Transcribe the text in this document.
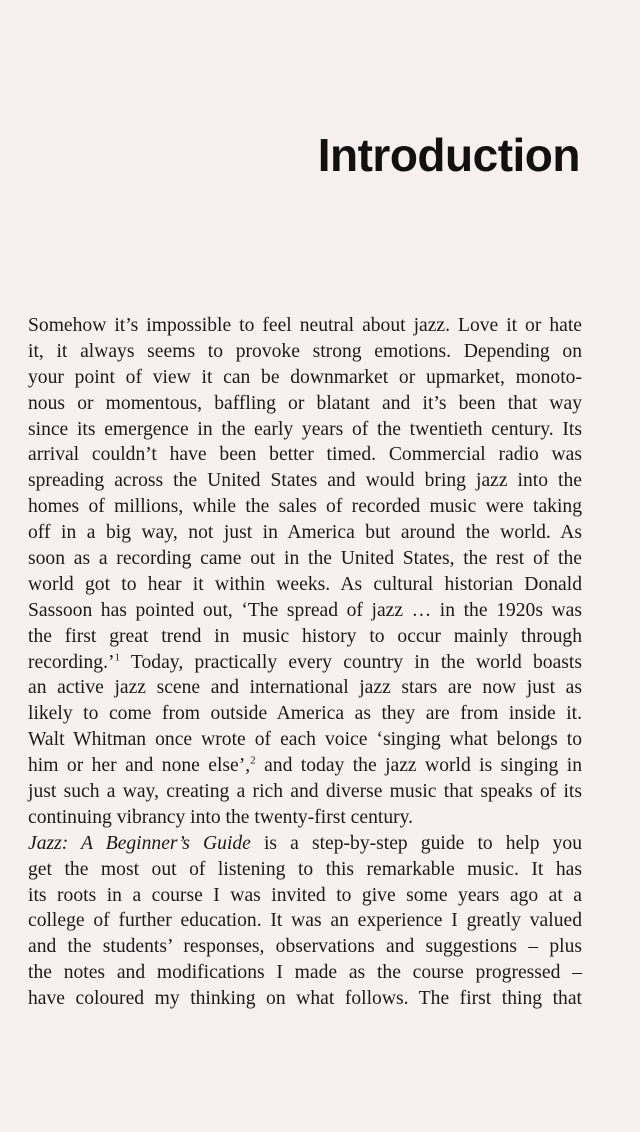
Introduction
Somehow it’s impossible to feel neutral about jazz. Love it or hate
it, it always seems to provoke strong emotions. Depending on
your point of view it can be downmarket or upmarket, monoto-
nous or momentous, baffling or blatant and it’s been that way
since its emergence in the early years of the twentieth century. Its
arrival couldn’t have been better timed. Commercial radio was
spreading across the United States and would bring jazz into the
homes of millions, while the sales of recorded music were taking
off in a big way, not just in America but around the world. As
soon as a recording came out in the United States, the rest of the
world got to hear it within weeks. As cultural historian Donald
Sassoon has pointed out, ‘The spread of jazz … in the 1920s was
the first great trend in music history to occur mainly through
recording.’$^1$ Today, practically every country in the world boasts
an active jazz scene and international jazz stars are now just as
likely to come from outside America as they are from inside it.
Walt Whitman once wrote of each voice ‘singing what belongs to
him or her and none else’,$^2$ and today the jazz world is singing in
just such a way, creating a rich and diverse music that speaks of its
continuing vibrancy into the twenty-first century.
Jazz: A Beginner’s Guide is a step-by-step guide to help you
get the most out of listening to this remarkable music. It has
its roots in a course I was invited to give some years ago at a
college of further education. It was an experience I greatly valued
and the students’ responses, observations and suggestions – plus
the notes and modifications I made as the course progressed –
have coloured my thinking on what follows. The first thing that
